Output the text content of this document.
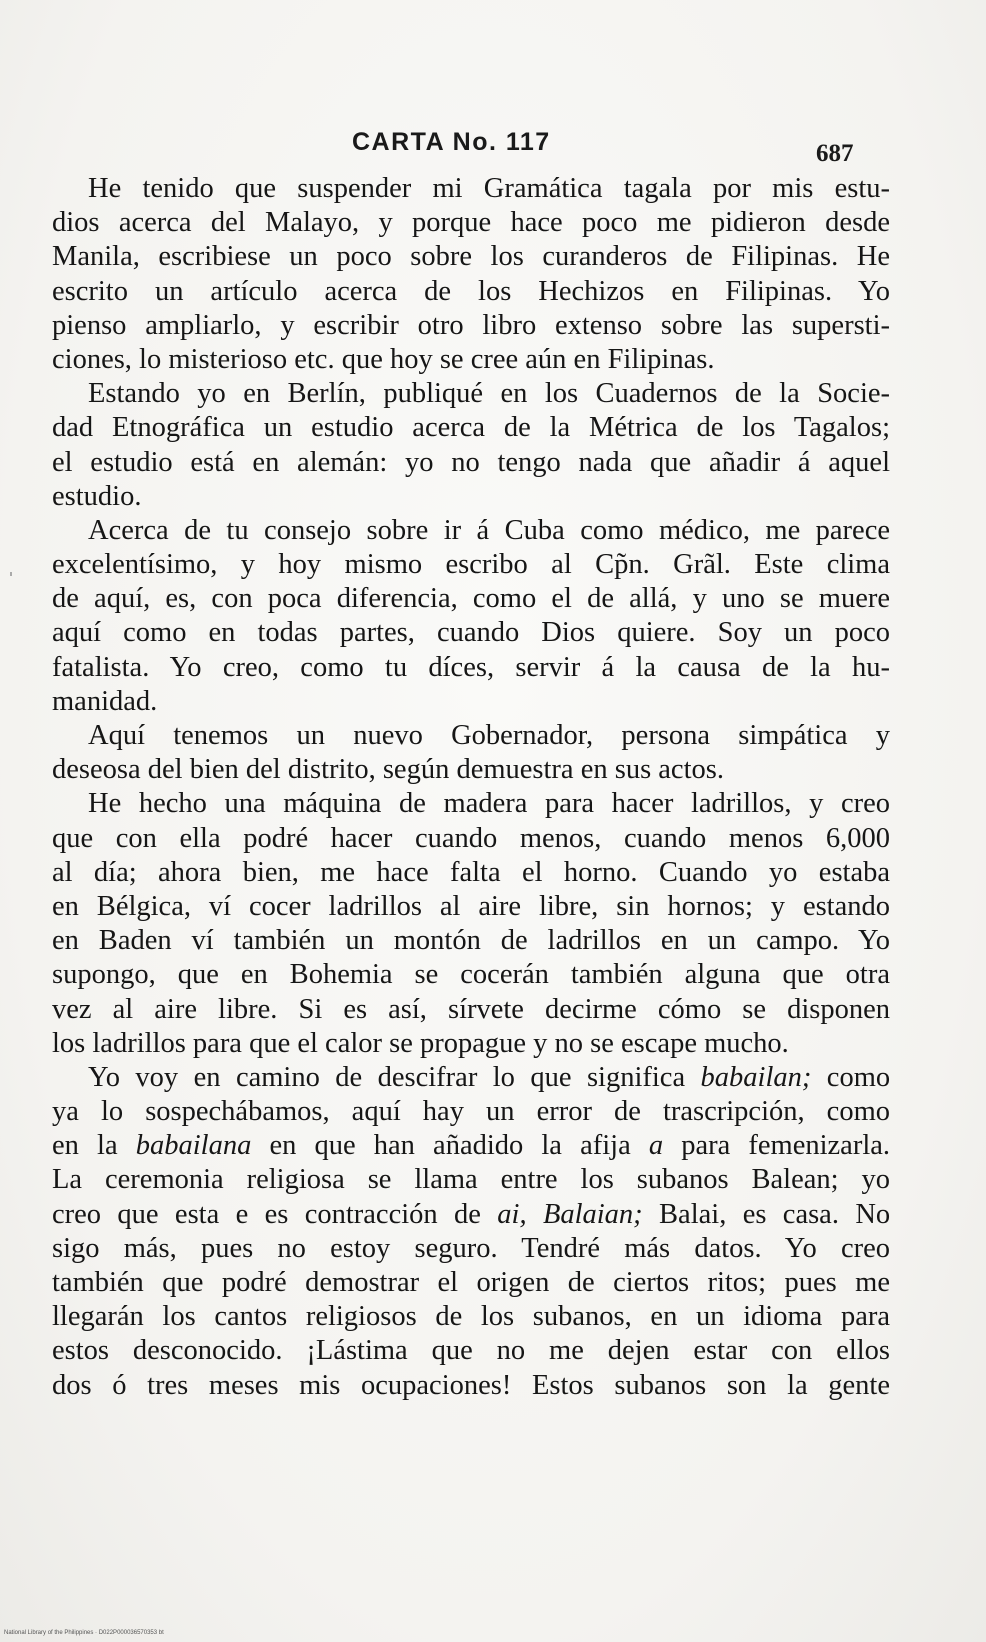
CARTA No. 117	687
He tenido que suspender mi Gramática tagala por mis estu-
dios acerca del Malayo, y porque hace poco me pidieron desde
Manila, escribiese un poco sobre los curanderos de Filipinas. He
escrito un artículo acerca de los Hechizos en Filipinas. Yo
pienso ampliarlo, y escribir otro libro extenso sobre las supersti-
ciones, lo misterioso etc. que hoy se cree aún en Filipinas.
Estando yo en Berlín, publiqué en los Cuadernos de la Socie-
dad Etnográfica un estudio acerca de la Métrica de los Tagalos;
el estudio está en alemán: yo no tengo nada que añadir á aquel
estudio.
Acerca de tu consejo sobre ir á Cuba como médico, me parece
excelentísimo, y hoy mismo escribo al Cp̃n. Grãl. Este clima
de aquí, es, con poca diferencia, como el de allá, y uno se muere
aquí como en todas partes, cuando Dios quiere. Soy un poco
fatalista. Yo creo, como tu díces, servir á la causa de la hu-
manidad.
Aquí tenemos un nuevo Gobernador, persona simpática y
deseosa del bien del distrito, según demuestra en sus actos.
He hecho una máquina de madera para hacer ladrillos, y creo
que con ella podré hacer cuando menos, cuando menos 6,000
al día; ahora bien, me hace falta el horno. Cuando yo estaba
en Bélgica, ví cocer ladrillos al aire libre, sin hornos; y estando
en Baden ví también un montón de ladrillos en un campo. Yo
supongo, que en Bohemia se cocerán también alguna que otra
vez al aire libre. Si es así, sírvete decirme cómo se disponen
los ladrillos para que el calor se propague y no se escape mucho.
Yo voy en camino de descifrar lo que significa babailan; como
ya lo sospechábamos, aquí hay un error de trascripción, como
en la babailana en que han añadido la afija a para femenizarla.
La ceremonia religiosa se llama entre los subanos Balean; yo
creo que esta e es contracción de ai, Balaian; Balai, es casa. No
sigo más, pues no estoy seguro. Tendré más datos. Yo creo
también que podré demostrar el origen de ciertos ritos; pues me
llegarán los cantos religiosos de los subanos, en un idioma para
estos desconocido. ¡Lástima que no me dejen estar con ellos
dos ó tres meses mis ocupaciones! Estos subanos son la gente
National Library of the Philippines · D022P000036570353 bt
